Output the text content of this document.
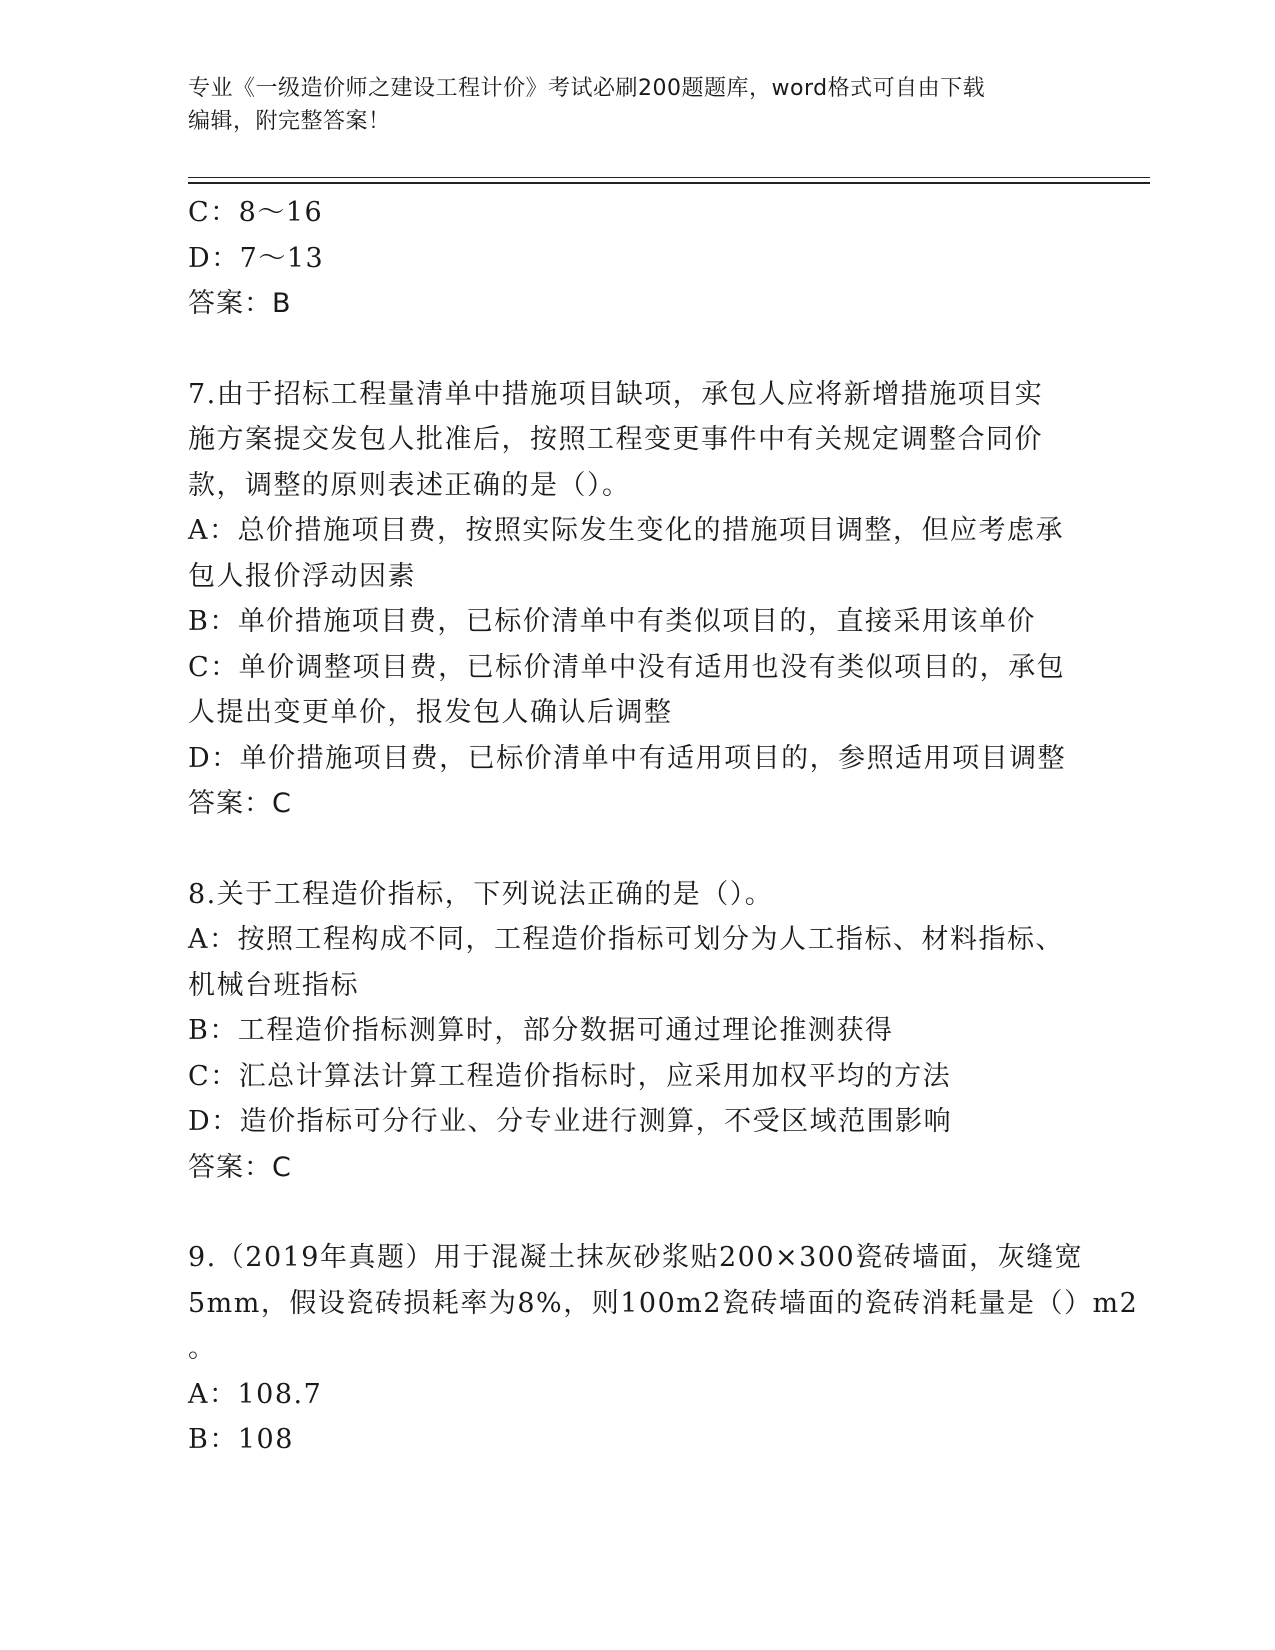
专业《一级造价师之建设工程计价》考试必刷200题题库，word格式可自由下载
编辑，附完整答案！
C：8～16
D：7～13
答案：B
7.由于招标工程量清单中措施项目缺项，承包人应将新增措施项目实
施方案提交发包人批准后，按照工程变更事件中有关规定调整合同价
款，调整的原则表述正确的是（）。
A：总价措施项目费，按照实际发生变化的措施项目调整，但应考虑承
包人报价浮动因素
B：单价措施项目费，已标价清单中有类似项目的，直接采用该单价
C：单价调整项目费，已标价清单中没有适用也没有类似项目的，承包
人提出变更单价，报发包人确认后调整
D：单价措施项目费，已标价清单中有适用项目的，参照适用项目调整
答案：C
8.关于工程造价指标，下列说法正确的是（）。
A：按照工程构成不同，工程造价指标可划分为人工指标、材料指标、
机械台班指标
B：工程造价指标测算时，部分数据可通过理论推测获得
C：汇总计算法计算工程造价指标时，应采用加权平均的方法
D：造价指标可分行业、分专业进行测算，不受区域范围影响
答案：C
9.（2019年真题）用于混凝土抹灰砂浆贴200×300瓷砖墙面，灰缝宽
5mm，假设瓷砖损耗率为8%，则100m2瓷砖墙面的瓷砖消耗量是（）m2
。
A：108.7
B：108
